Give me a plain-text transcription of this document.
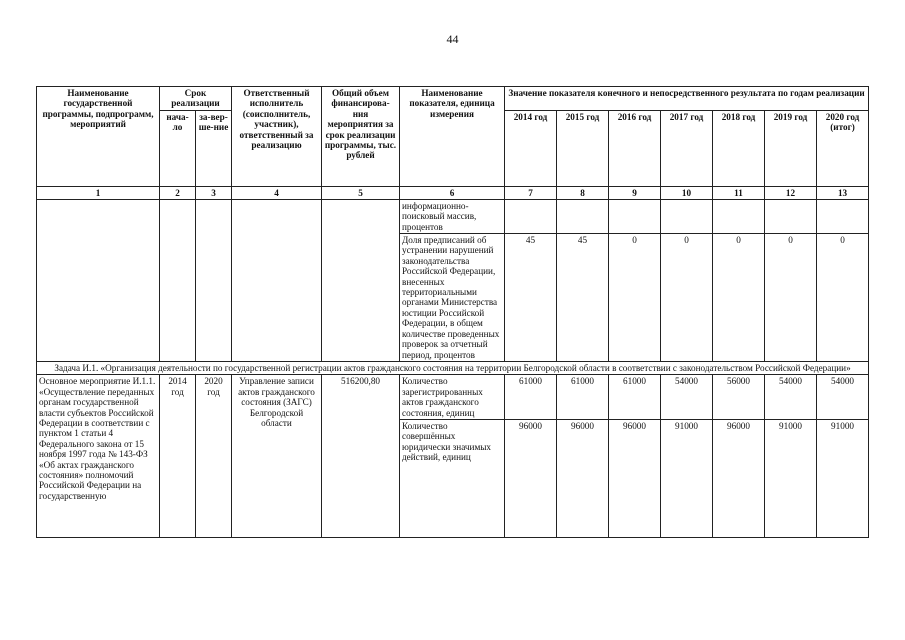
44
Наименование государственной программы, подпрограмм, мероприятий	Срок реализации		Ответственный исполнитель (соисполнитель, участник), ответственный за реализацию	Общий объем финансирова-ния мероприятия за срок реализации программы, тыс. рублей	Наименование показателя, единица измерения	Значение показателя конечного и непосредственного результата по годам реализации						
	нача-ло	за-вер-ше-ние				2014 год	2015 год	2016 год	2017 год	2018 год	2019 год	2020 год (итог)
1	2	3	4	5	6	7	8	9	10	11	12	13
					информационно-поисковый массив, процентов							
					Доля предписаний об устранении нарушений законодательства Российской Федерации, внесенных территориальными органами Министерства юстиции Российской Федерации, в общем количестве проведенных проверок за отчетный период, процентов	45	45	0	0	0	0	0
Задача И.1. «Организация деятельности по государственной регистрации актов гражданского состояния на территории Белгородской области в соответствии с законодательством Российской Федерации»												
Основное мероприятие И.1.1. «Осуществление переданных органам государственной власти субъектов Российской Федерации в соответствии с пунктом 1 статьи 4 Федерального закона от 15 ноября 1997 года № 143-ФЗ «Об актах гражданского состояния» полномочий Российской Федерации на государственную	2014 год	2020 год	Управление записи актов гражданского состояния (ЗАГС) Белгородской области	516200,80	Количество зарегистрированных актов гражданского состояния, единиц	61000	61000	61000	54000	56000	54000	54000
					Количество совершённых юридически значимых действий, единиц	96000	96000	96000	91000	96000	91000	91000
